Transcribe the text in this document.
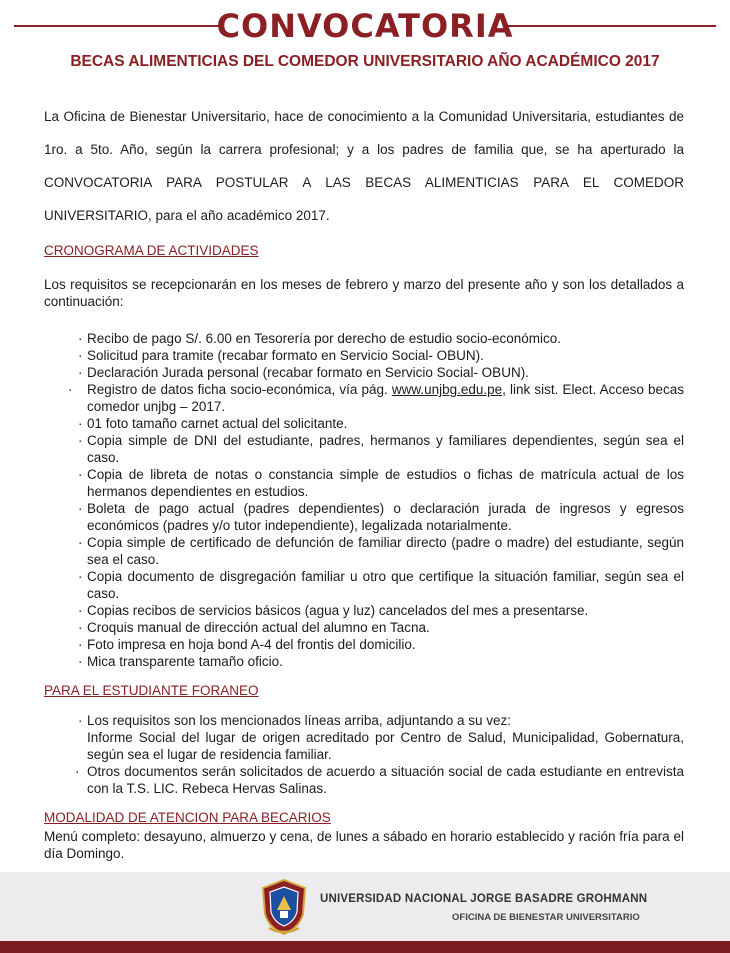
CONVOCATORIA
BECAS ALIMENTICIAS DEL COMEDOR UNIVERSITARIO AÑO ACADÉMICO 2017
La Oficina de Bienestar Universitario, hace de conocimiento a la Comunidad Universitaria, estudiantes de 1ro. a 5to. Año, según la carrera profesional; y a los padres de familia que, se ha aperturado la CONVOCATORIA PARA POSTULAR A LAS BECAS ALIMENTICIAS PARA EL COMEDOR UNIVERSITARIO, para el año académico 2017.
CRONOGRAMA DE ACTIVIDADES
Los requisitos se recepcionarán en los meses de febrero y marzo del presente año y son los detallados a continuación:
· Recibo de pago S/. 6.00 en Tesorería por derecho de estudio socio-económico.
· Solicitud para tramite (recabar formato en Servicio Social- OBUN).
· Declaración Jurada personal (recabar formato en Servicio Social- OBUN).
· Registro de datos ficha socio-económica, vía pág. www.unjbg.edu.pe, link sist. Elect. Acceso becas comedor unjbg – 2017.
· 01 foto tamaño carnet actual del solicitante.
· Copia simple de DNI del estudiante, padres, hermanos y familiares dependientes, según sea el caso.
· Copia de libreta de notas o constancia simple de estudios o fichas de matrícula actual de los hermanos dependientes en estudios.
· Boleta de pago actual (padres dependientes) o declaración jurada de ingresos y egresos económicos (padres y/o tutor independiente), legalizada notarialmente.
· Copia simple de certificado de defunción de familiar directo (padre o madre) del estudiante, según sea el caso.
· Copia documento de disgregación familiar u otro que certifique la situación familiar, según sea el caso.
· Copias recibos de servicios básicos (agua y luz) cancelados del mes a presentarse.
· Croquis manual de dirección actual del alumno en Tacna.
· Foto impresa en hoja bond A-4 del frontis del domicilio.
· Mica transparente tamaño oficio.
PARA EL ESTUDIANTE FORANEO
· Los requisitos son los mencionados líneas arriba, adjuntando a su vez:
Informe Social del lugar de origen acreditado por Centro de Salud, Municipalidad, Gobernatura, según sea el lugar de residencia familiar.
· Otros documentos serán solicitados de acuerdo a situación social de cada estudiante en entrevista con la T.S. LIC. Rebeca Hervas Salinas.
MODALIDAD DE ATENCION PARA BECARIOS
Menú completo: desayuno, almuerzo y cena, de lunes a sábado en horario establecido y ración fría para el día Domingo.
UNIVERSIDAD NACIONAL JORGE BASADRE GROHMANN
OFICINA DE BIENESTAR UNIVERSITARIO
